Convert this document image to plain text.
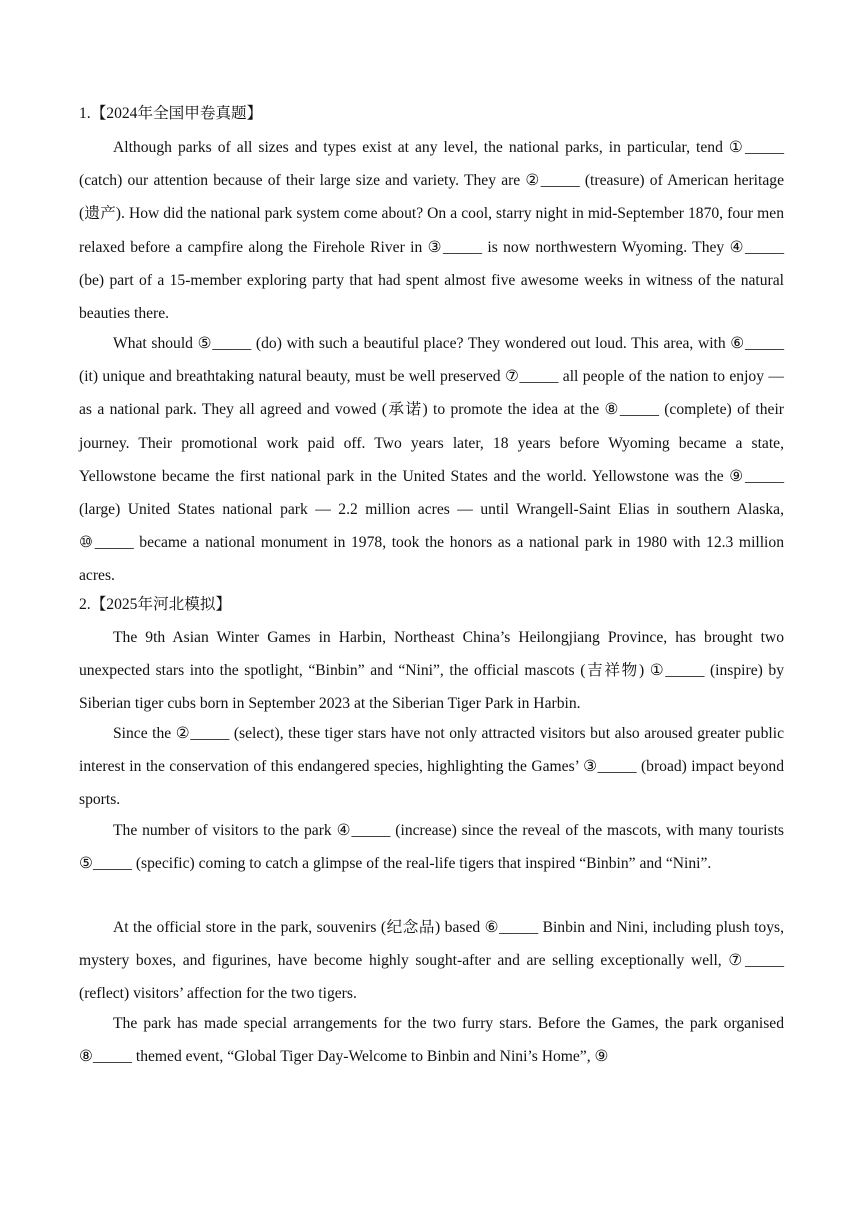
1.【2024年全国甲卷真题】

Although parks of all sizes and types exist at any level, the national parks, in particular, tend ①_____ (catch) our attention because of their large size and variety. They are ②_____ (treasure) of American heritage (遗产). How did the national park system come about? On a cool, starry night in mid-September 1870, four men relaxed before a campfire along the Firehole River in ③_____ is now northwestern Wyoming. They ④_____ (be) part of a 15-member exploring party that had spent almost five awesome weeks in witness of the natural beauties there.

What should ⑤_____ (do) with such a beautiful place? They wondered out loud. This area, with ⑥_____ (it) unique and breathtaking natural beauty, must be well preserved ⑦_____ all people of the nation to enjoy — as a national park. They all agreed and vowed (承诺) to promote the idea at the ⑧_____ (complete) of their journey. Their promotional work paid off. Two years later, 18 years before Wyoming became a state, Yellowstone became the first national park in the United States and the world. Yellowstone was the ⑨_____ (large) United States national park — 2.2 million acres — until Wrangell-Saint Elias in southern Alaska, ⑩_____ became a national monument in 1978, took the honors as a national park in 1980 with 12.3 million acres.

2.【2025年河北模拟】

The 9th Asian Winter Games in Harbin, Northeast China’s Heilongjiang Province, has brought two unexpected stars into the spotlight, “Binbin” and “Nini”, the official mascots (吉祥物) ①_____ (inspire) by Siberian tiger cubs born in September 2023 at the Siberian Tiger Park in Harbin.

Since the ②_____ (select), these tiger stars have not only attracted visitors but also aroused greater public interest in the conservation of this endangered species, highlighting the Games’ ③_____ (broad) impact beyond sports.

The number of visitors to the park ④_____ (increase) since the reveal of the mascots, with many tourists ⑤_____ (specific) coming to catch a glimpse of the real-life tigers that inspired “Binbin” and “Nini”.

At the official store in the park, souvenirs (纪念品) based ⑥_____ Binbin and Nini, including plush toys, mystery boxes, and figurines, have become highly sought-after and are selling exceptionally well, ⑦_____ (reflect) visitors’ affection for the two tigers.

The park has made special arrangements for the two furry stars. Before the Games, the park organised ⑧_____ themed event, “Global Tiger Day-Welcome to Binbin and Nini’s Home”, ⑨
